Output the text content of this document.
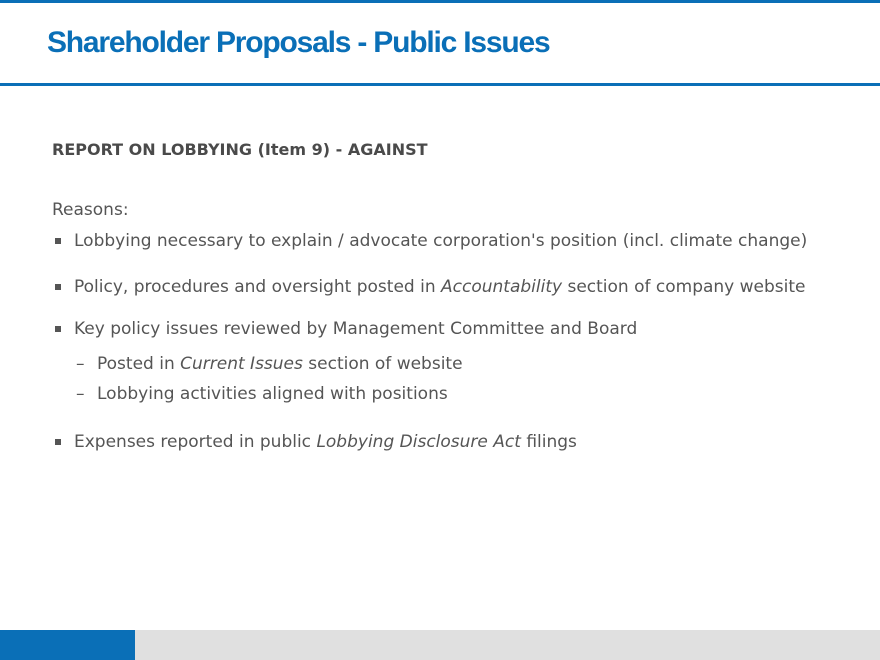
Shareholder Proposals - Public Issues
REPORT ON LOBBYING (Item 9) - AGAINST

Reasons:

Lobbying necessary to explain / advocate corporation's position (incl. climate change)
Policy, procedures and oversight posted in Accountability section of company website
Key policy issues reviewed by Management Committee and Board
– Posted in Current Issues section of website
– Lobbying activities aligned with positions
Expenses reported in public Lobbying Disclosure Act filings
